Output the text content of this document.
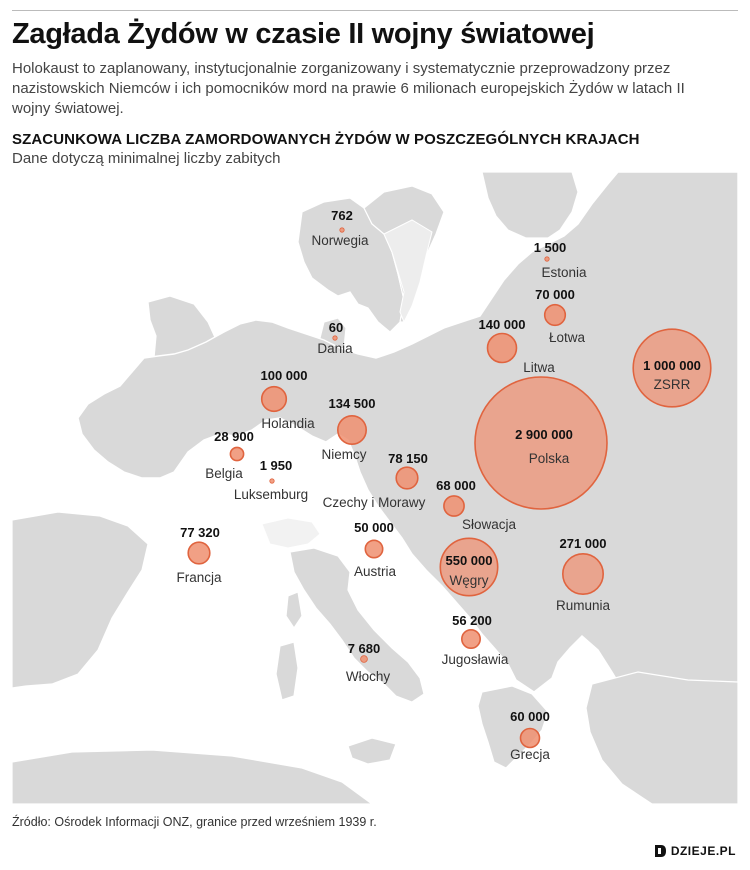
Zagłada Żydów w czasie II wojny światowej
Holokaust to zaplanowany, instytucjonalnie zorganizowany i systematycznie przeprowadzony przez nazistowskich Niemców i ich pomocników mord na prawie 6 milionach europejskich Żydów w latach II wojny światowej.
SZACUNKOWA LICZBA ZAMORDOWANYCH ŻYDÓW W POSZCZEGÓLNYCH KRAJACH
Dane dotyczą minimalnej liczby zabitych
762
Norwegia	1 500
Estonia
70 000
Łotwa
140 000
Litwa
60
Dania
1 000 000
ZSRR
100 000
Holandia
134 500
Niemcy
2 900 000
Polska
28 900
Belgia
1 950
Luksemburg
78 150
Czechy i Morawy
68 000
Słowacja
77 320
Francja
50 000
Austria
550 000
Węgry
271 000
Rumunia
56 200
Jugosławia
7 680
Włochy
60 000
Grecja
Źródło: Ośrodek Informacji ONZ, granice przed wrześniem 1939 r.
DZIEJE.PL
